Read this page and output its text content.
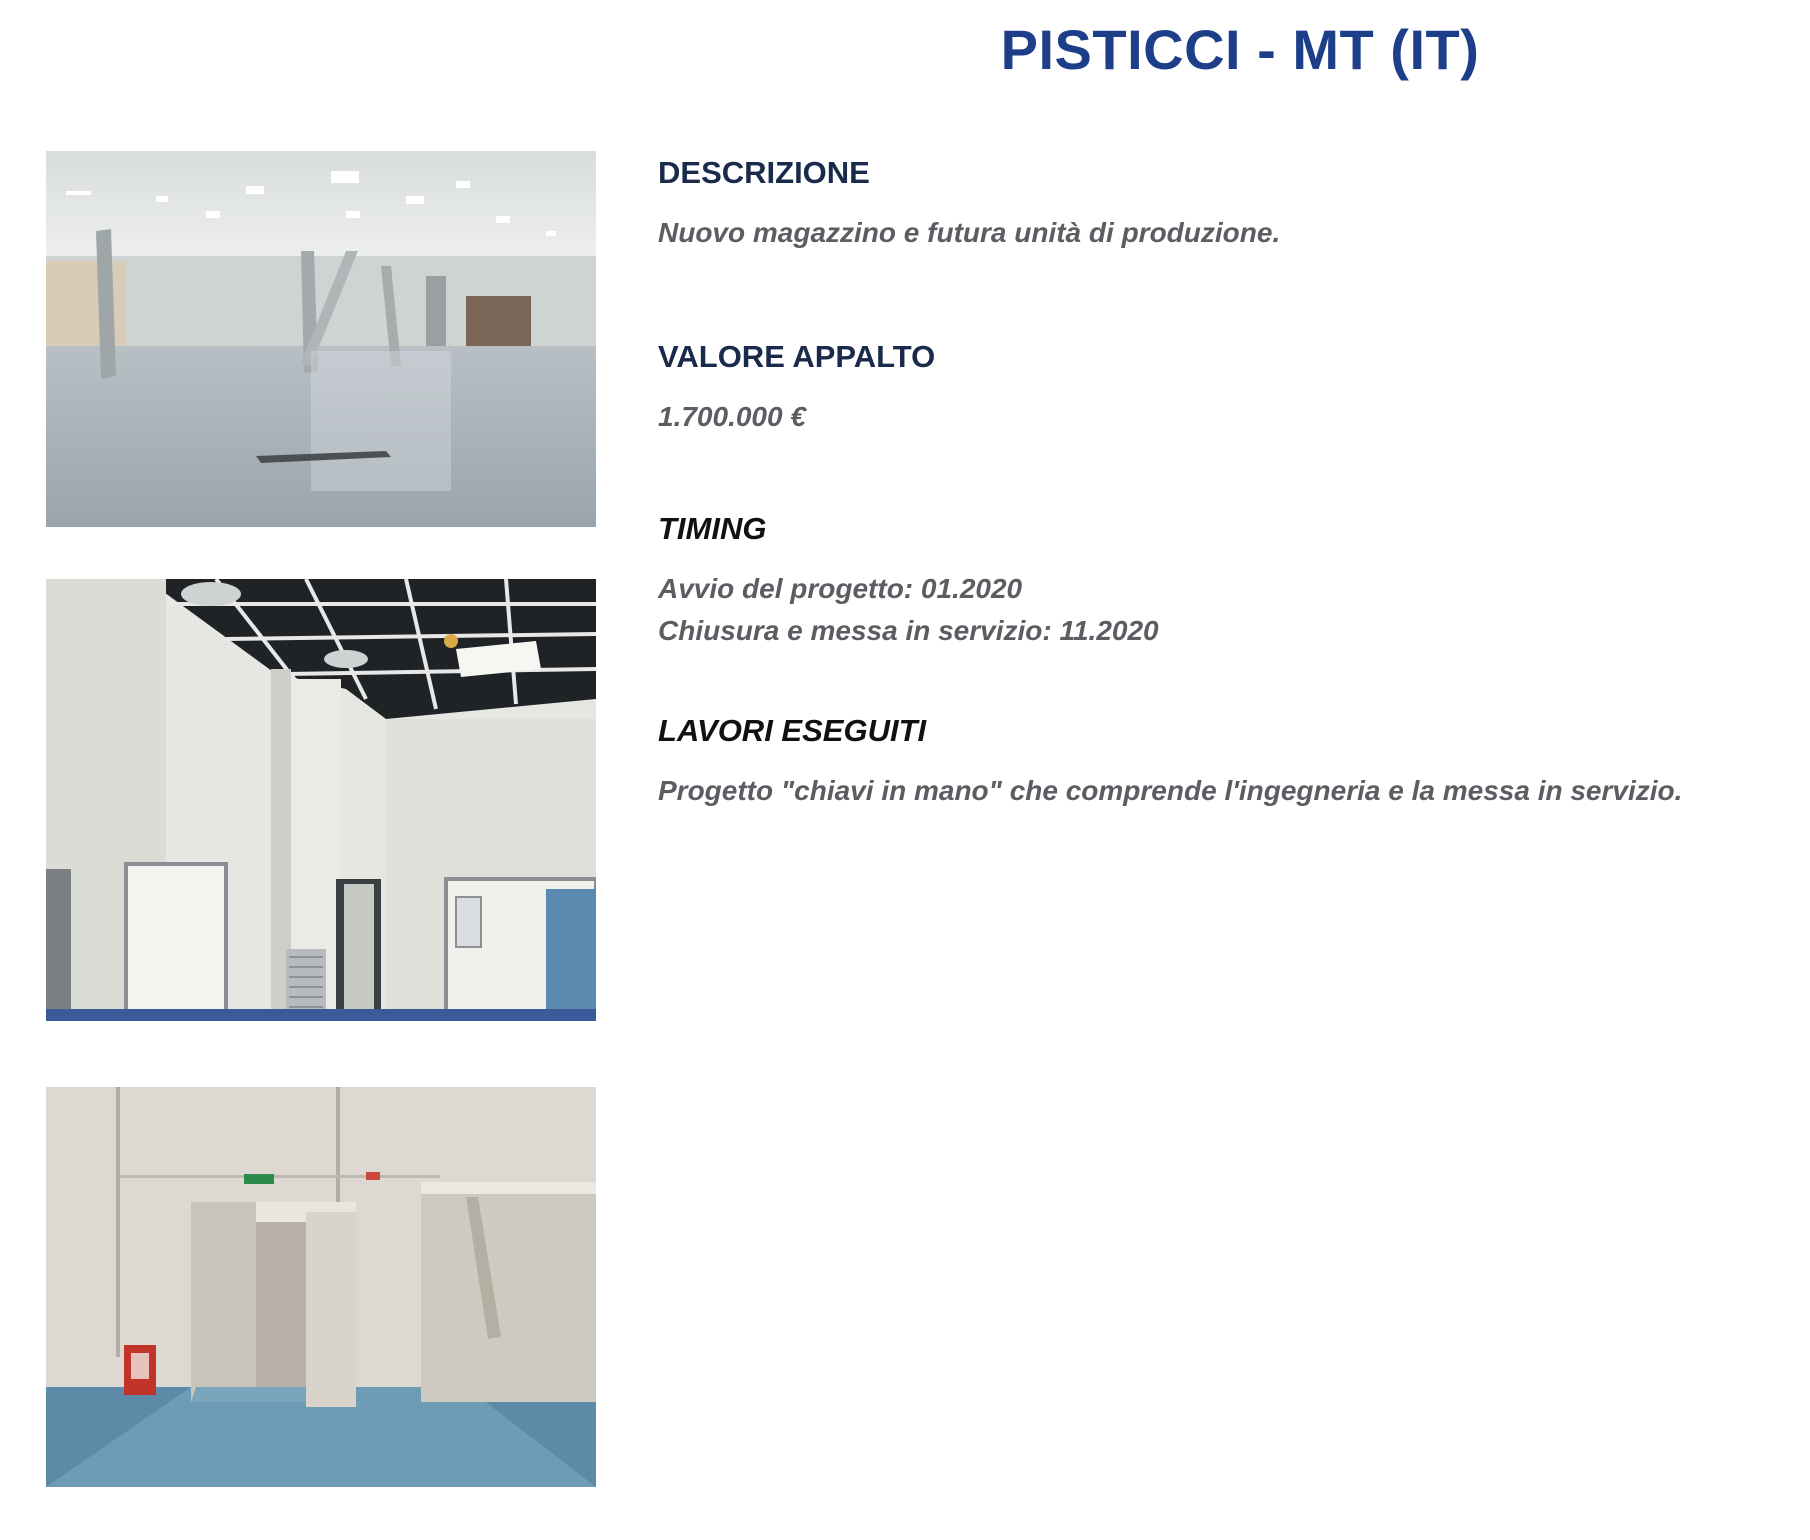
PISTICCI - MT (IT)
DESCRIZIONE

Nuovo magazzino e futura unità di produzione.

VALORE APPALTO

1.700.000 €

TIMING

Avvio del progetto: 01.2020

Chiusura e messa in servizio: 11.2020

LAVORI ESEGUITI

Progetto "chiavi in mano" che comprende l'ingegneria e la messa in servizio.
